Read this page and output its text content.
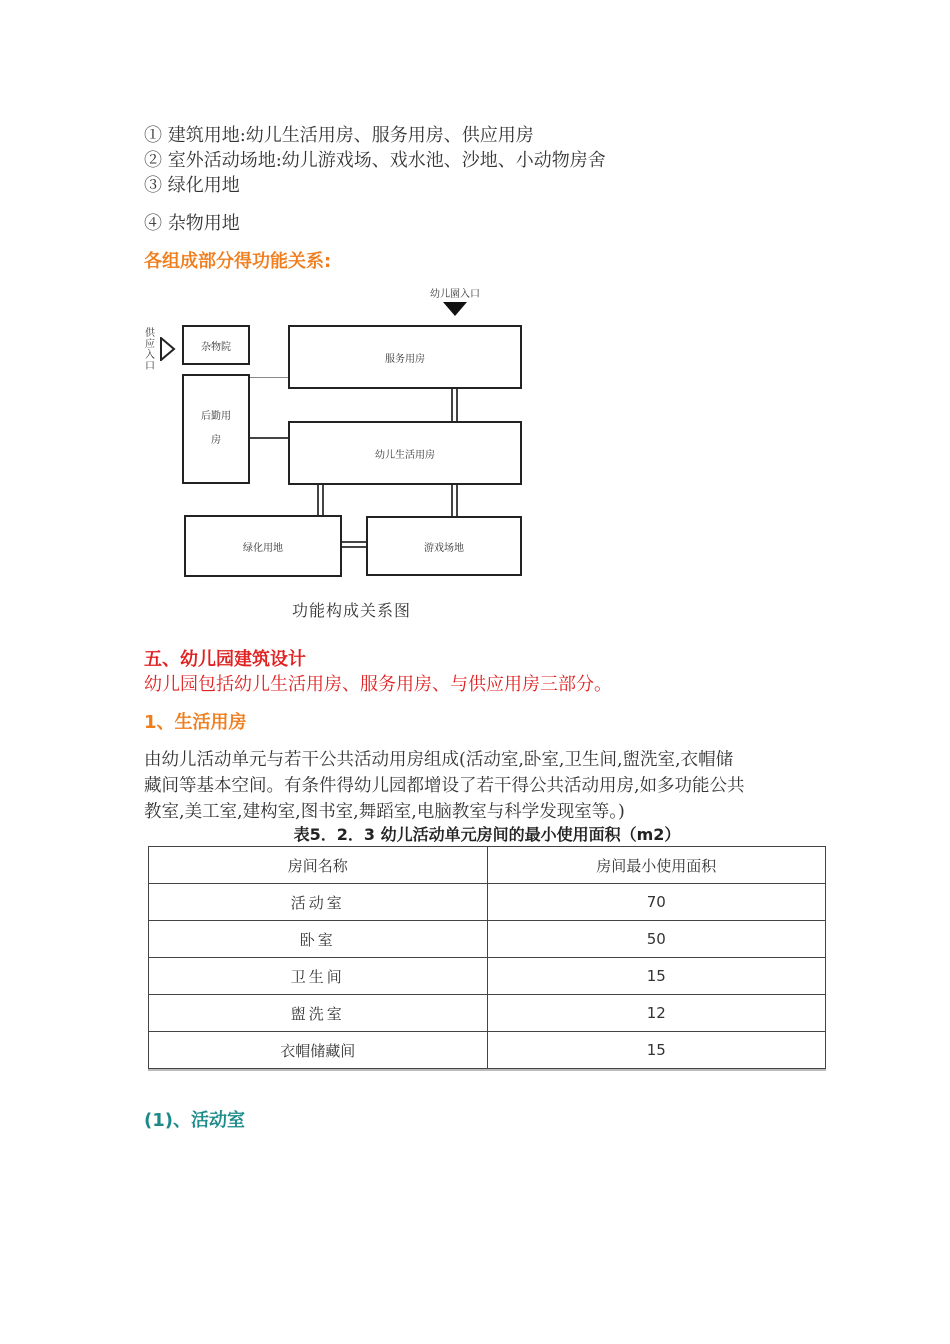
① 建筑用地:幼儿生活用房、服务用房、供应用房
② 室外活动场地:幼儿游戏场、戏水池、沙地、小动物房舍
③ 绿化用地
④ 杂物用地
各组成部分得功能关系:
幼儿園入口
供应入口
杂物院
服务用房
后勤用房
幼儿生活用房
绿化用地	游戏场地
功能构成关系图
五、幼儿园建筑设计
幼儿园包括幼儿生活用房、服务用房、与供应用房三部分。
1、生活用房
由幼儿活动单元与若干公共活动用房组成(活动室,卧室,卫生间,盥洗室,衣帽储
藏间等基本空间。有条件得幼儿园都增设了若干得公共活动用房,如多功能公共
教室,美工室,建构室,图书室,舞蹈室,电脑教室与科学发现室等。)
表5．2．3 幼儿活动单元房间的最小使用面积（m2）
房间名称	房间最小使用面积
活动室	70
卧室	50
卫生间	15
盥洗室	12
衣帽储藏间	15
(1)、活动室
